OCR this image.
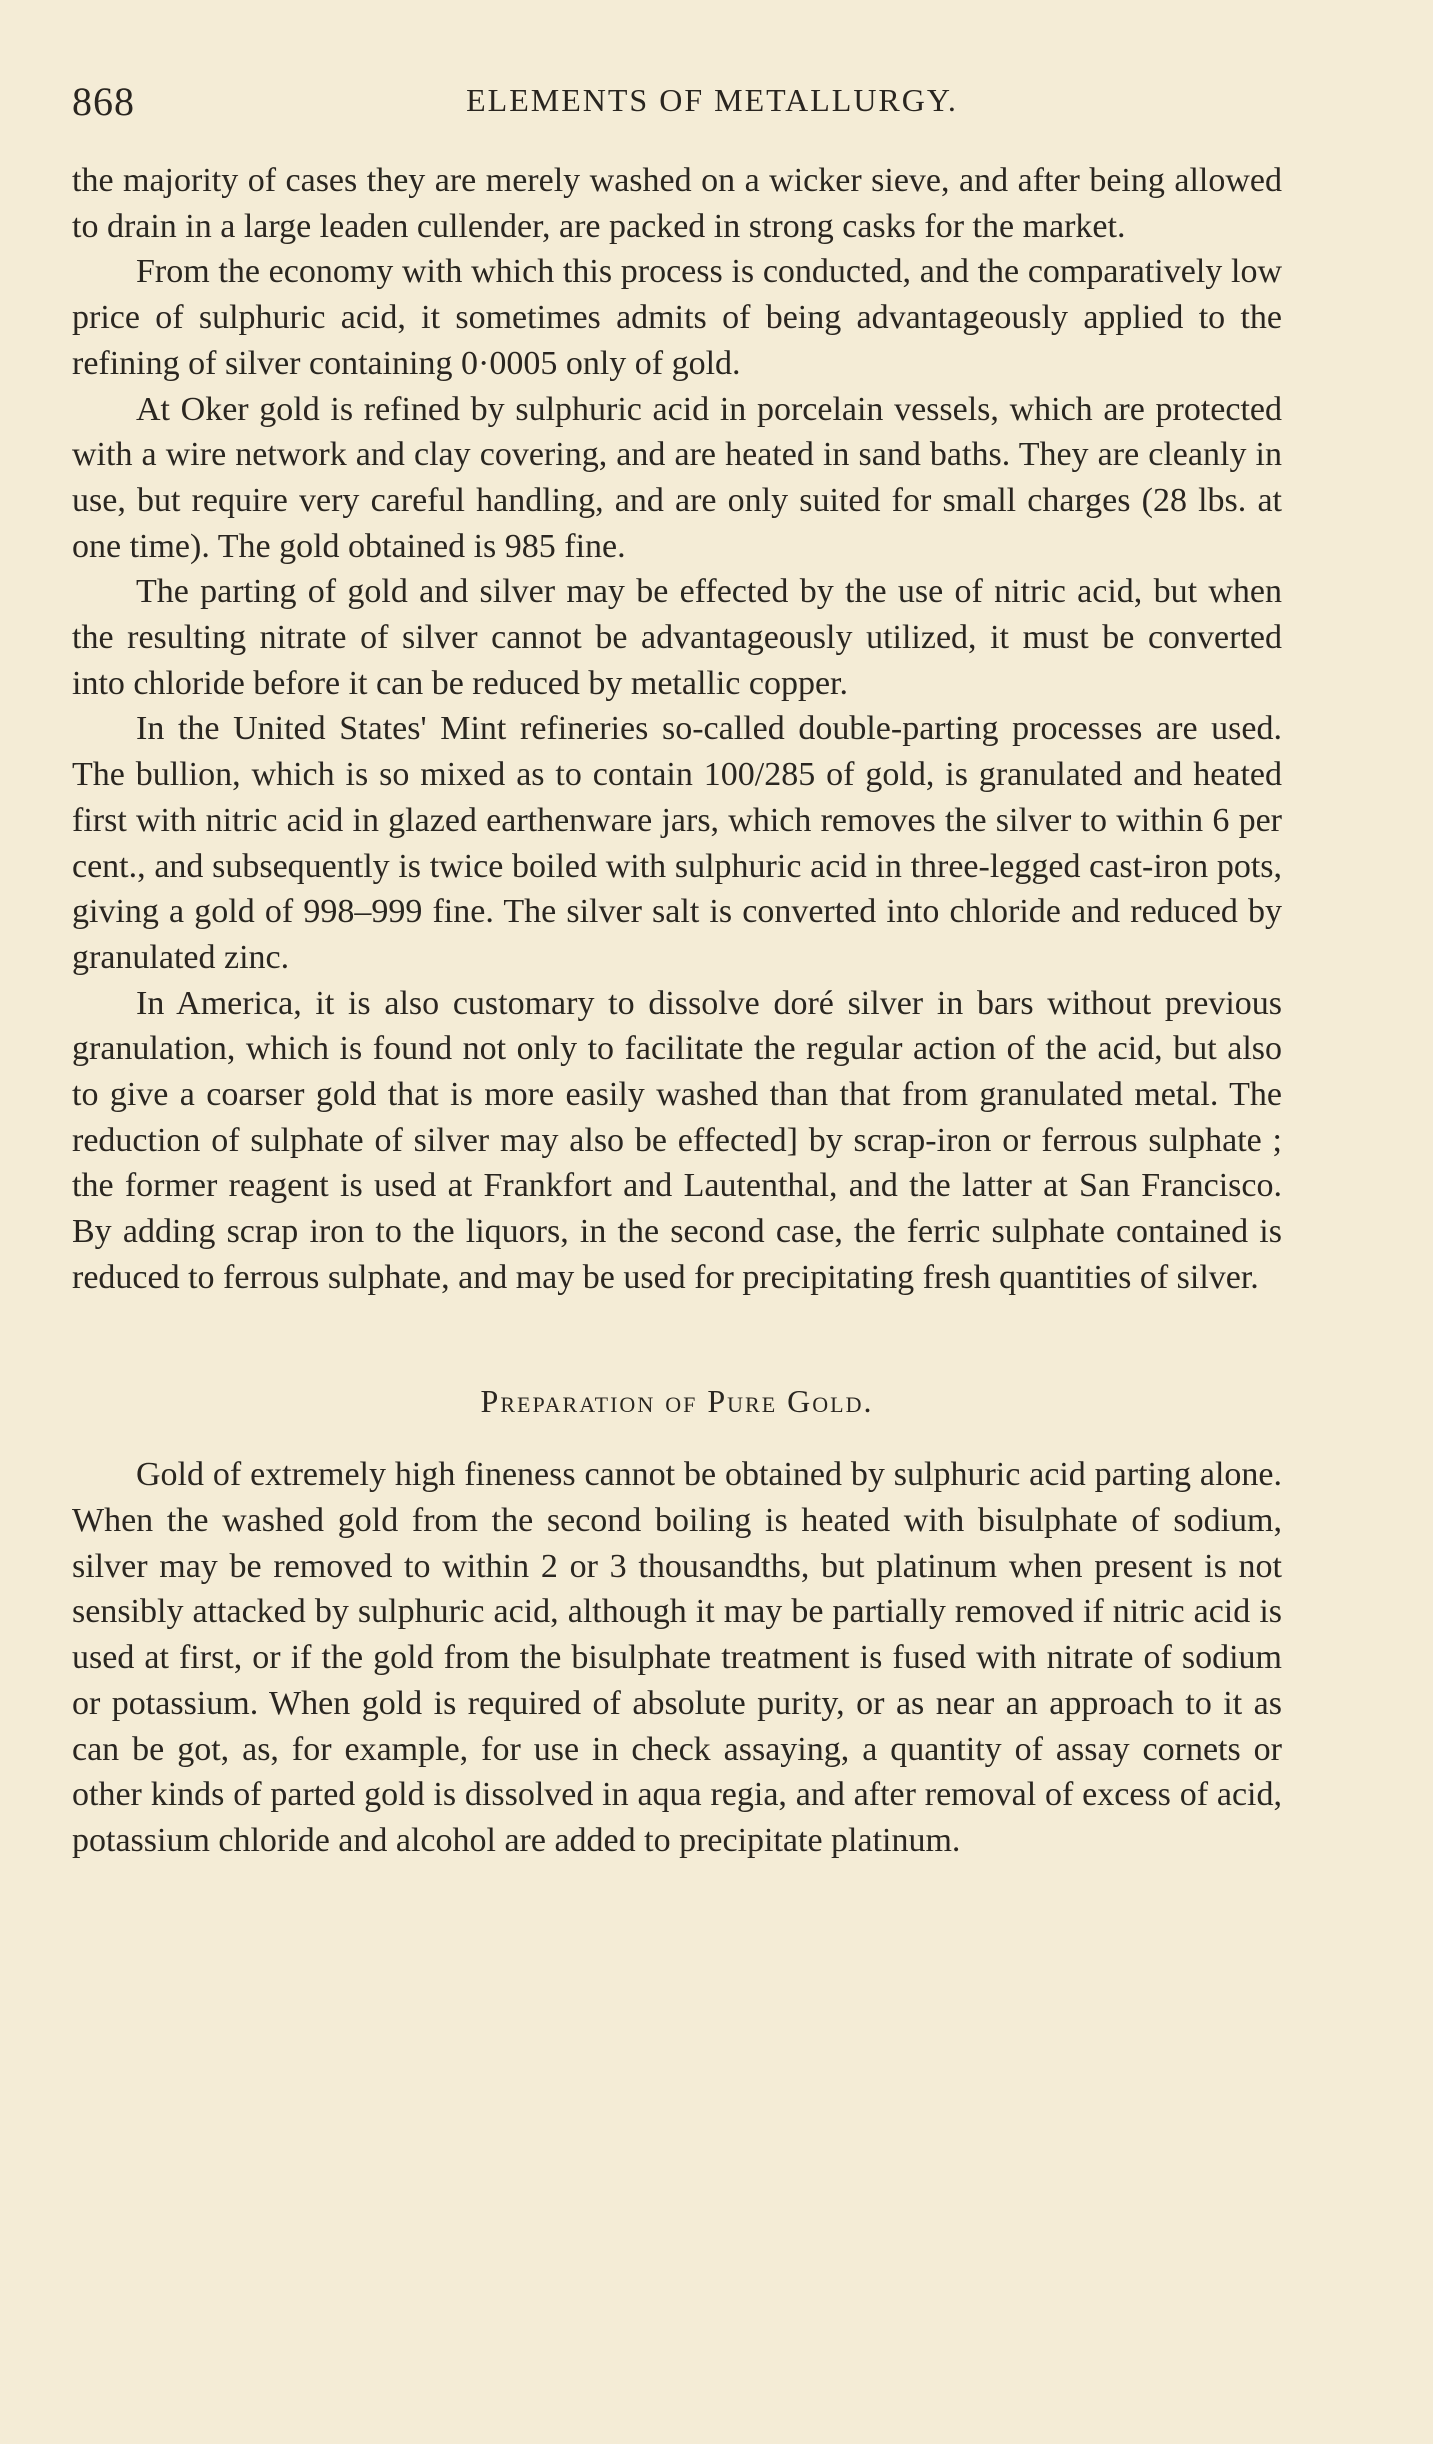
868	ELEMENTS OF METALLURGY.

the majority of cases they are merely washed on a wicker sieve, and after being allowed to drain in a large leaden cullender, are packed in strong casks for the market.

From the economy with which this process is conducted, and the comparatively low price of sulphuric acid, it sometimes admits of being advantageously applied to the refining of silver containing 0·0005 only of gold.

At Oker gold is refined by sulphuric acid in porcelain vessels, which are protected with a wire network and clay covering, and are heated in sand baths. They are cleanly in use, but require very careful handling, and are only suited for small charges (28 lbs. at one time). The gold obtained is 985 fine.

The parting of gold and silver may be effected by the use of nitric acid, but when the resulting nitrate of silver cannot be advantageously utilized, it must be converted into chloride before it can be reduced by metallic copper.

In the United States' Mint refineries so-called double-parting processes are used. The bullion, which is so mixed as to contain 100/285 of gold, is granulated and heated first with nitric acid in glazed earthenware jars, which removes the silver to within 6 per cent., and subsequently is twice boiled with sulphuric acid in three-legged cast-iron pots, giving a gold of 998–999 fine. The silver salt is converted into chloride and reduced by granulated zinc.

In America, it is also customary to dissolve doré silver in bars without previous granulation, which is found not only to facilitate the regular action of the acid, but also to give a coarser gold that is more easily washed than that from granulated metal. The reduction of sulphate of silver may also be effected] by scrap-iron or ferrous sulphate ; the former reagent is used at Frankfort and Lautenthal, and the latter at San Francisco. By adding scrap iron to the liquors, in the second case, the ferric sulphate contained is reduced to ferrous sulphate, and may be used for precipitating fresh quantities of silver.

Preparation of Pure Gold.

Gold of extremely high fineness cannot be obtained by sulphuric acid parting alone. When the washed gold from the second boiling is heated with bisulphate of sodium, silver may be removed to within 2 or 3 thousandths, but platinum when present is not sensibly attacked by sulphuric acid, although it may be partially removed if nitric acid is used at first, or if the gold from the bisulphate treatment is fused with nitrate of sodium or potassium. When gold is required of absolute purity, or as near an approach to it as can be got, as, for example, for use in check assaying, a quantity of assay cornets or other kinds of parted gold is dissolved in aqua regia, and after removal of excess of acid, potassium chloride and alcohol are added to precipitate platinum.
